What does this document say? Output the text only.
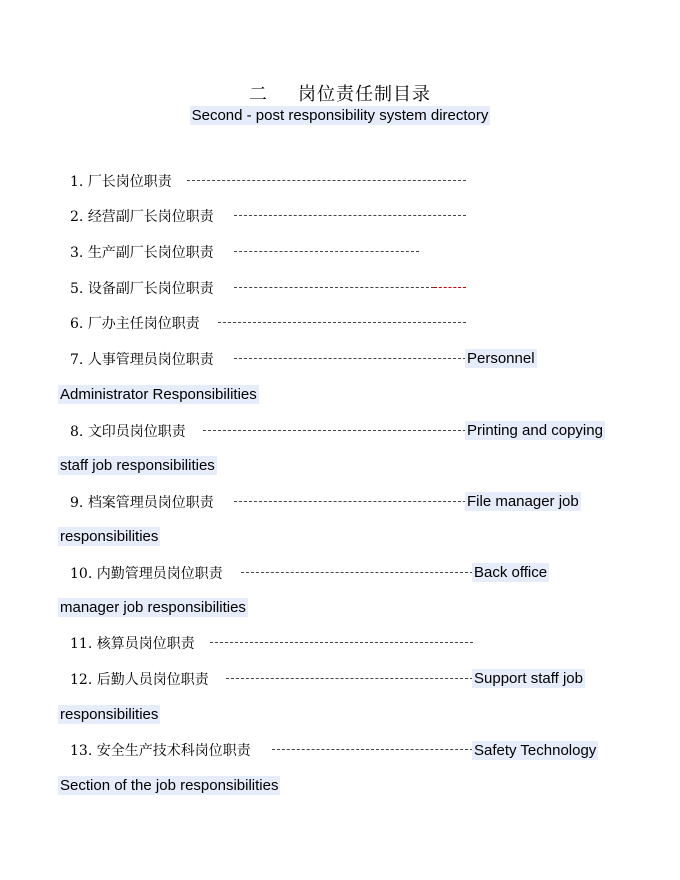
二 岗位责任制目录
Second - post responsibility system directory
1. 厂长岗位职责
2. 经营副厂长岗位职责
3. 生产副厂长岗位职责
5. 设备副厂长岗位职责
6. 厂办主任岗位职责
7. 人事管理员岗位职责	Personnel
Administrator Responsibilities
8. 文印员岗位职责	Printing and copying
staff job responsibilities
9. 档案管理员岗位职责	File manager job
responsibilities
10. 内勤管理员岗位职责	Back office
manager job responsibilities
11. 核算员岗位职责
12. 后勤人员岗位职责	Support staff job
responsibilities
13. 安全生产技术科岗位职责	Safety Technology
Section of the job responsibilities
